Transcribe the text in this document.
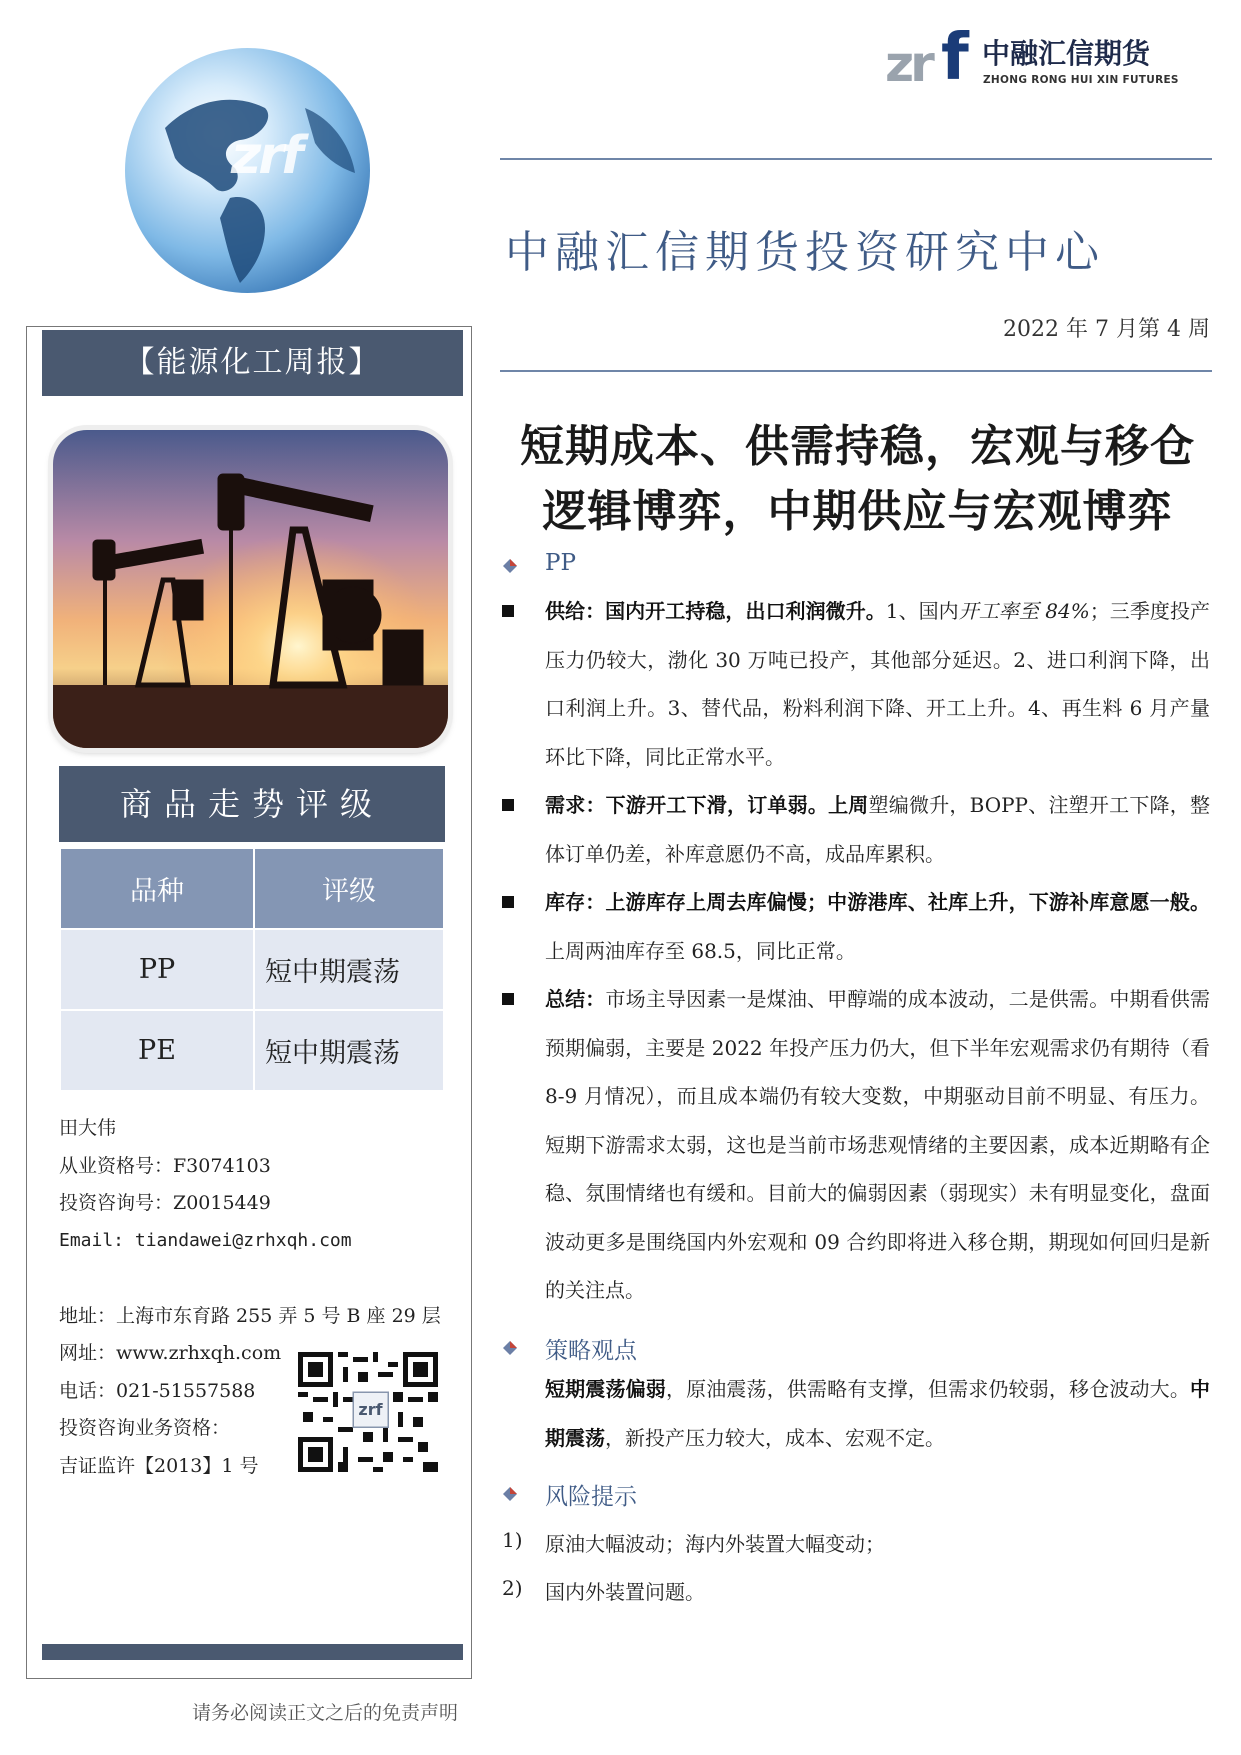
zrf
zr f 中融汇信期货
ZHONG RONG HUI XIN FUTURES
中融汇信期货投资研究中心
2022 年 7 月第 4 周
【能源化工周报】
商品走势评级
品种	评级
PP	短中期震荡
PE	短中期震荡
田大伟
从业资格号：F3074103
投资咨询号：Z0015449
Email: tiandawei@zrhxqh.com
地址：上海市东育路 255 弄 5 号 B 座 29 层
网址：www.zrhxqh.com
电话：021-51557588
投资咨询业务资格：
吉证监许【2013】1 号
zrf
请务必阅读正文之后的免责声明
短期成本、供需持稳，宏观与移仓
逻辑博弈，中期供应与宏观博弈
PP
供给：国内开工持稳，出口利润微升。1、国内开工率至 84%；三季度投产压力仍较大，渤化 30 万吨已投产，其他部分延迟。2、进口利润下降，出口利润上升。3、替代品，粉料利润下降、开工上升。4、再生料 6 月产量环比下降，同比正常水平。
需求：下游开工下滑，订单弱。上周塑编微升，BOPP、注塑开工下降，整体订单仍差，补库意愿仍不高，成品库累积。
库存：上游库存上周去库偏慢；中游港库、社库上升，下游补库意愿一般。上周两油库存至 68.5，同比正常。
总结：市场主导因素一是煤油、甲醇端的成本波动，二是供需。中期看供需预期偏弱，主要是 2022 年投产压力仍大，但下半年宏观需求仍有期待（看 8-9 月情况），而且成本端仍有较大变数，中期驱动目前不明显、有压力。短期下游需求太弱，这也是当前市场悲观情绪的主要因素，成本近期略有企稳、氛围情绪也有缓和。目前大的偏弱因素（弱现实）未有明显变化，盘面波动更多是围绕国内外宏观和 09 合约即将进入移仓期，期现如何回归是新的关注点。
策略观点
短期震荡偏弱，原油震荡，供需略有支撑，但需求仍较弱，移仓波动大。中期震荡，新投产压力较大，成本、宏观不定。
风险提示
1) 原油大幅波动；海内外装置大幅变动；
2) 国内外装置问题。
